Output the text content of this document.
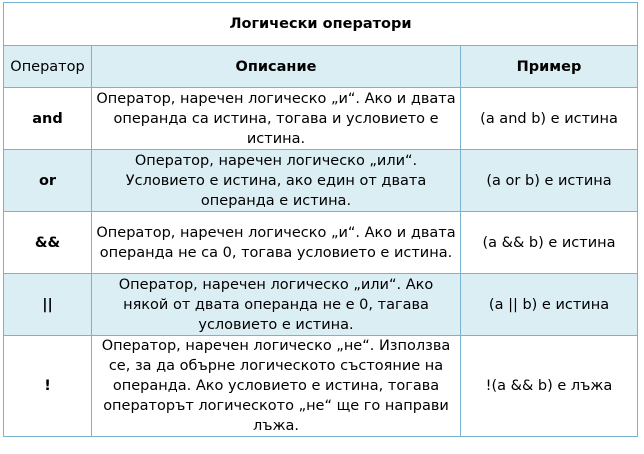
Логически оператори		
Оператор	Описание	Пример
and	Оператор, наречен логическо „и“. Ако и двата операнда са истина, тогава и условието е истина.	(a and b) е истина
or	Оператор, наречен логическо „или“. Условието е истина, ако един от двата операнда е истина.	(a or b) е истина
&&	Оператор, наречен логическо „и“. Ако и двата операнда не са 0, тогава условието е истина.	(a && b) е истина
||	Оператор, наречен логическо „или“. Ако някой от двата операнда не е 0, тагава условието е истина.	(a || b) е истина
!	Оператор, наречен логическо „не“. Използва се, за да обърне логическото състояние на операнда. Ако условието е истина, тогава операторът логическото „не“ ще го направи лъжа.	!(a && b) е лъжа
